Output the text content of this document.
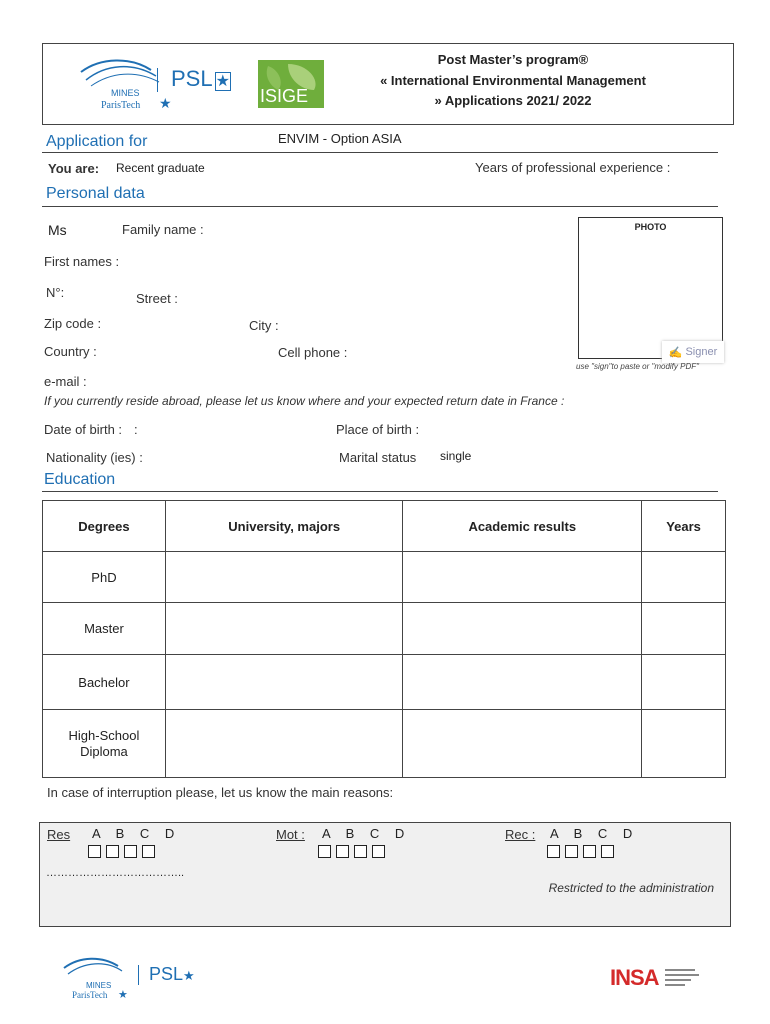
MINES
ParisTech ★
PSL ★
ISIGE
Post Master’s program®
« International Environmental Management
» Applications 2021/ 2022
Application for	ENVIM - Option ASIA
You are: Recent graduate	Years of professional experience :
Personal data
Ms	Family name :
First names :
N°:	Street :
Zip code :	City :
Country :	Cell phone :
PHOTO
✍ Signer
use "sign"to paste or "modify PDF"
e-mail :
If you currently reside abroad, please let us know where and your expected return date in France :
Date of birth : :	Place of birth :
Nationality (ies) :	Marital status single
Education
Degrees	University, majors	Academic results	Years
PhD			
Master			
Bachelor			

High-School Diploma			

In case of interruption please, let us know the main reasons:
Res A B C D	Mot : A B C D	Rec : A B C D
………………………………..
Restricted to the administration
MINES
ParisTech ★
PSL★	INSA
